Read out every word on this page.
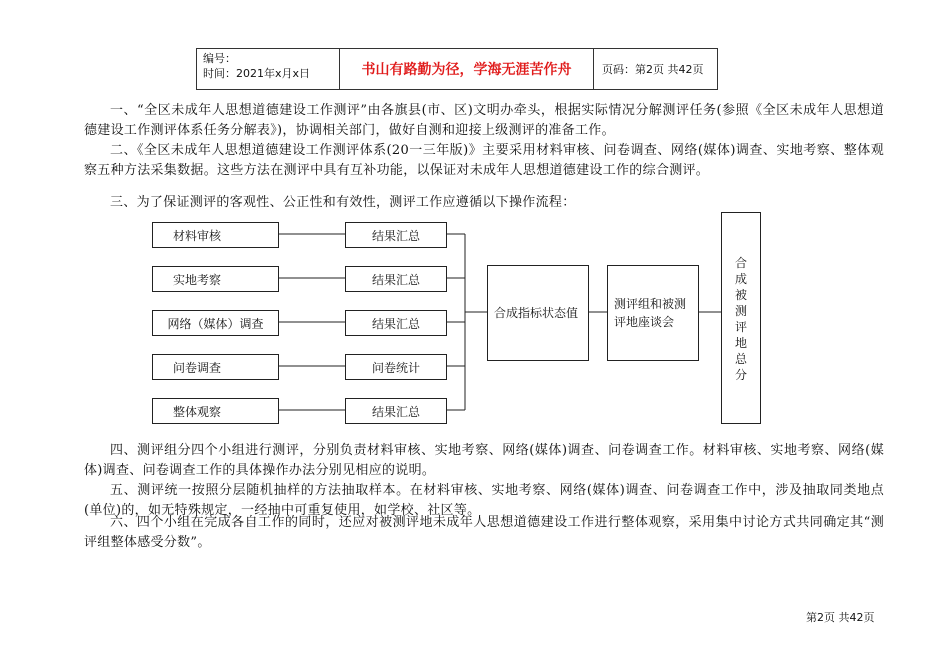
编号：
时间：2021年x月x日	书山有路勤为径，学海无涯苦作舟	页码：第2页 共42页
一、“全区未成年人思想道德建设工作测评”由各旗县(市、区)文明办牵头，根据实际情况分解测评任务(参照《全区未成年人思想道德建设工作测评体系任务分解表》)，协调相关部门，做好自测和迎接上级测评的准备工作。
二、《全区未成年人思想道德建设工作测评体系(20一三年版)》主要采用材料审核、问卷调查、网络(媒体)调查、实地考察、整体观察五种方法采集数据。这些方法在测评中具有互补功能，以保证对未成年人思想道德建设工作的综合测评。
三、为了保证测评的客观性、公正性和有效性，测评工作应遵循以下操作流程：
材料审核
实地考察
网络（媒体）调查
问卷调查
整体观察
结果汇总
结果汇总
结果汇总
问卷统计
结果汇总
合成指标状态值
测评组和被测评地座谈会
合
成
被
测
评
地
总
分
四、测评组分四个小组进行测评，分别负责材料审核、实地考察、网络(媒体)调查、问卷调查工作。材料审核、实地考察、网络(媒体)调查、问卷调查工作的具体操作办法分别见相应的说明。
五、测评统一按照分层随机抽样的方法抽取样本。在材料审核、实地考察、网络(媒体)调查、问卷调查工作中，涉及抽取同类地点(单位)的，如无特殊规定，一经抽中可重复使用，如学校、社区等。
六、四个小组在完成各自工作的同时，还应对被测评地未成年人思想道德建设工作进行整体观察，采用集中讨论方式共同确定其“测评组整体感受分数”。
第2页 共42页
